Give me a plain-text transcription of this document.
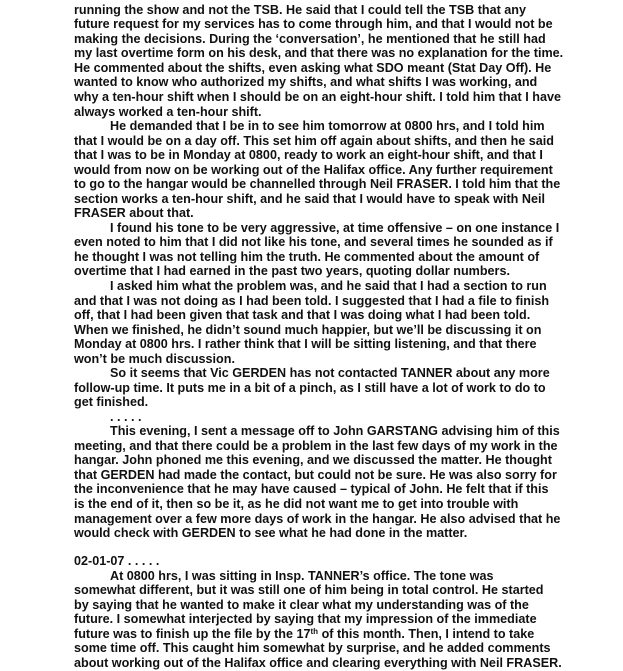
running the show and not the TSB. He said that I could tell the TSB that any
future request for my services has to come through him, and that I would not be
making the decisions. During the ‘conversation’, he mentioned that he still had
my last overtime form on his desk, and that there was no explanation for the time.
He commented about the shifts, even asking what SDO meant (Stat Day Off). He
wanted to know who authorized my shifts, and what shifts I was working, and
why a ten-hour shift when I should be on an eight-hour shift. I told him that I have
always worked a ten-hour shift.
He demanded that I be in to see him tomorrow at 0800 hrs, and I told him
that I would be on a day off. This set him off again about shifts, and then he said
that I was to be in Monday at 0800, ready to work an eight-hour shift, and that I
would from now on be working out of the Halifax office. Any further requirement
to go to the hangar would be channelled through Neil FRASER. I told him that the
section works a ten-hour shift, and he said that I would have to speak with Neil
FRASER about that.
I found his tone to be very aggressive, at time offensive – on one instance I
even noted to him that I did not like his tone, and several times he sounded as if
he thought I was not telling him the truth. He commented about the amount of
overtime that I had earned in the past two years, quoting dollar numbers.
I asked him what the problem was, and he said that I had a section to run
and that I was not doing as I had been told. I suggested that I had a file to finish
off, that I had been given that task and that I was doing what I had been told.
When we finished, he didn’t sound much happier, but we’ll be discussing it on
Monday at 0800 hrs. I rather think that I will be sitting listening, and that there
won’t be much discussion.
So it seems that Vic GERDEN has not contacted TANNER about any more
follow-up time. It puts me in a bit of a pinch, as I still have a lot of work to do to
get finished.
. . . . .
This evening, I sent a message off to John GARSTANG advising him of this
meeting, and that there could be a problem in the last few days of my work in the
hangar. John phoned me this evening, and we discussed the matter. He thought
that GERDEN had made the contact, but could not be sure. He was also sorry for
the inconvenience that he may have caused – typical of John. He felt that if this
is the end of it, then so be it, as he did not want me to get into trouble with
management over a few more days of work in the hangar. He also advised that he
would check with GERDEN to see what he had done in the matter.
02-01-07 . . . . .
At 0800 hrs, I was sitting in Insp. TANNER’s office. The tone was
somewhat different, but it was still one of him being in total control. He started
by saying that he wanted to make it clear what my understanding was of the
future. I somewhat interjected by saying that my impression of the immediate
future was to finish up the file by the 17th of this month. Then, I intend to take
some time off. This caught him somewhat by surprise, and he added comments
about working out of the Halifax office and clearing everything with Neil FRASER.
